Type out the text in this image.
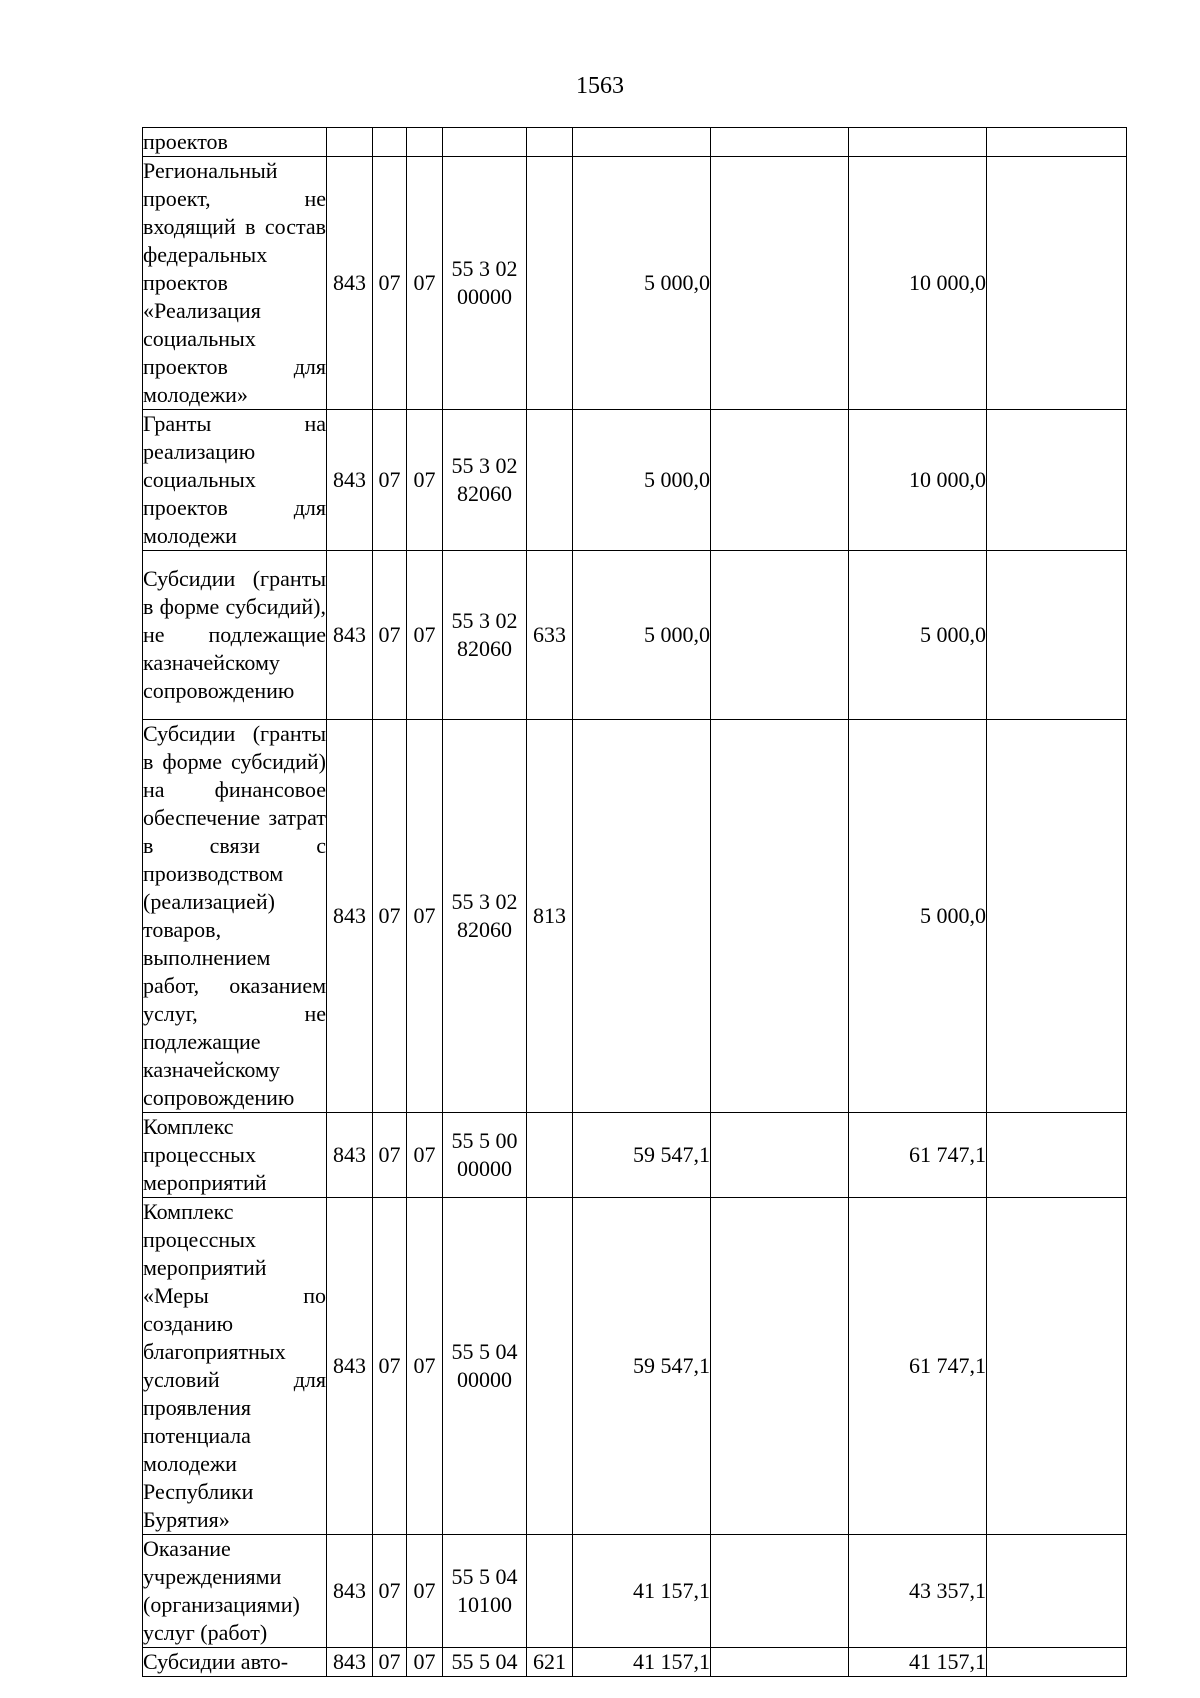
1563
проектов									
Региональный проект, не входящий в состав федеральных проектов «Реализация социальных проектов для молодежи»	843	07	07	55 3 02 00000		5 000,0		10 000,0	
Гранты на реализацию социальных проектов для молодежи	843	07	07	55 3 02 82060		5 000,0		10 000,0	
Субсидии (гранты в форме субсидий), не подлежащие казначейскому сопровождению	843	07	07	55 3 02 82060	633	5 000,0		5 000,0	
Субсидии (гранты в форме субсидий) на финансовое обеспечение затрат в связи с производством (реализацией) товаров, выполнением работ, оказанием услуг, не подлежащие казначейскому сопровождению	843	07	07	55 3 02 82060	813			5 000,0	
Комплекс процессных мероприятий	843	07	07	55 5 00 00000		59 547,1		61 747,1	
Комплекс процессных мероприятий «Меры по созданию благоприятных условий для проявления потенциала молодежи Республики Бурятия»	843	07	07	55 5 04 00000		59 547,1		61 747,1	
Оказание учреждениями (организациями) услуг (работ)	843	07	07	55 5 04 10100		41 157,1		43 357,1	
Субсидии авто-	843	07	07	55 5 04	621	41 157,1		41 157,1	
